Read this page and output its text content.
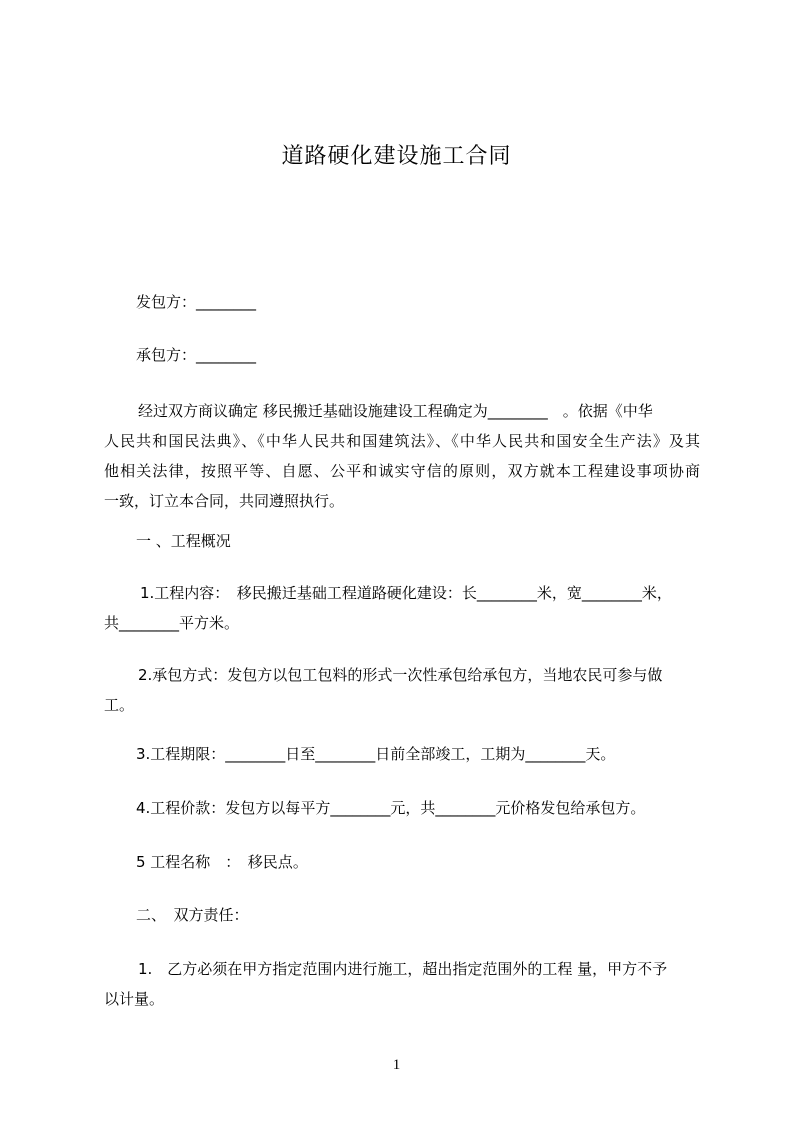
道路硬化建设施工合同
发包方：________
承包方：________
经过双方商议确定 移民搬迁基础设施建设工程确定为________　。依据《中华
人民共和国民法典》、《中华人民共和国建筑法》、《中华人民共和国安全生产法》及其
他相关法律，按照平等、自愿、公平和诚实守信的原则，双方就本工程建设事项协商
一致，订立本合同，共同遵照执行。
一 、工程概况
1.工程内容：　移民搬迁基础工程道路硬化建设：长________米，宽________米，
共________平方米。
2.承包方式：发包方以包工包料的形式一次性承包给承包方，当地农民可参与做
工。
3.工程期限：________日至________日前全部竣工，工期为________天。
4.工程价款：发包方以每平方________元，共________元价格发包给承包方。
5 工程名称　：　移民点。
二、　双方责任：
1.　乙方必须在甲方指定范围内进行施工，超出指定范围外的工程 量，甲方不予
以计量。
1
